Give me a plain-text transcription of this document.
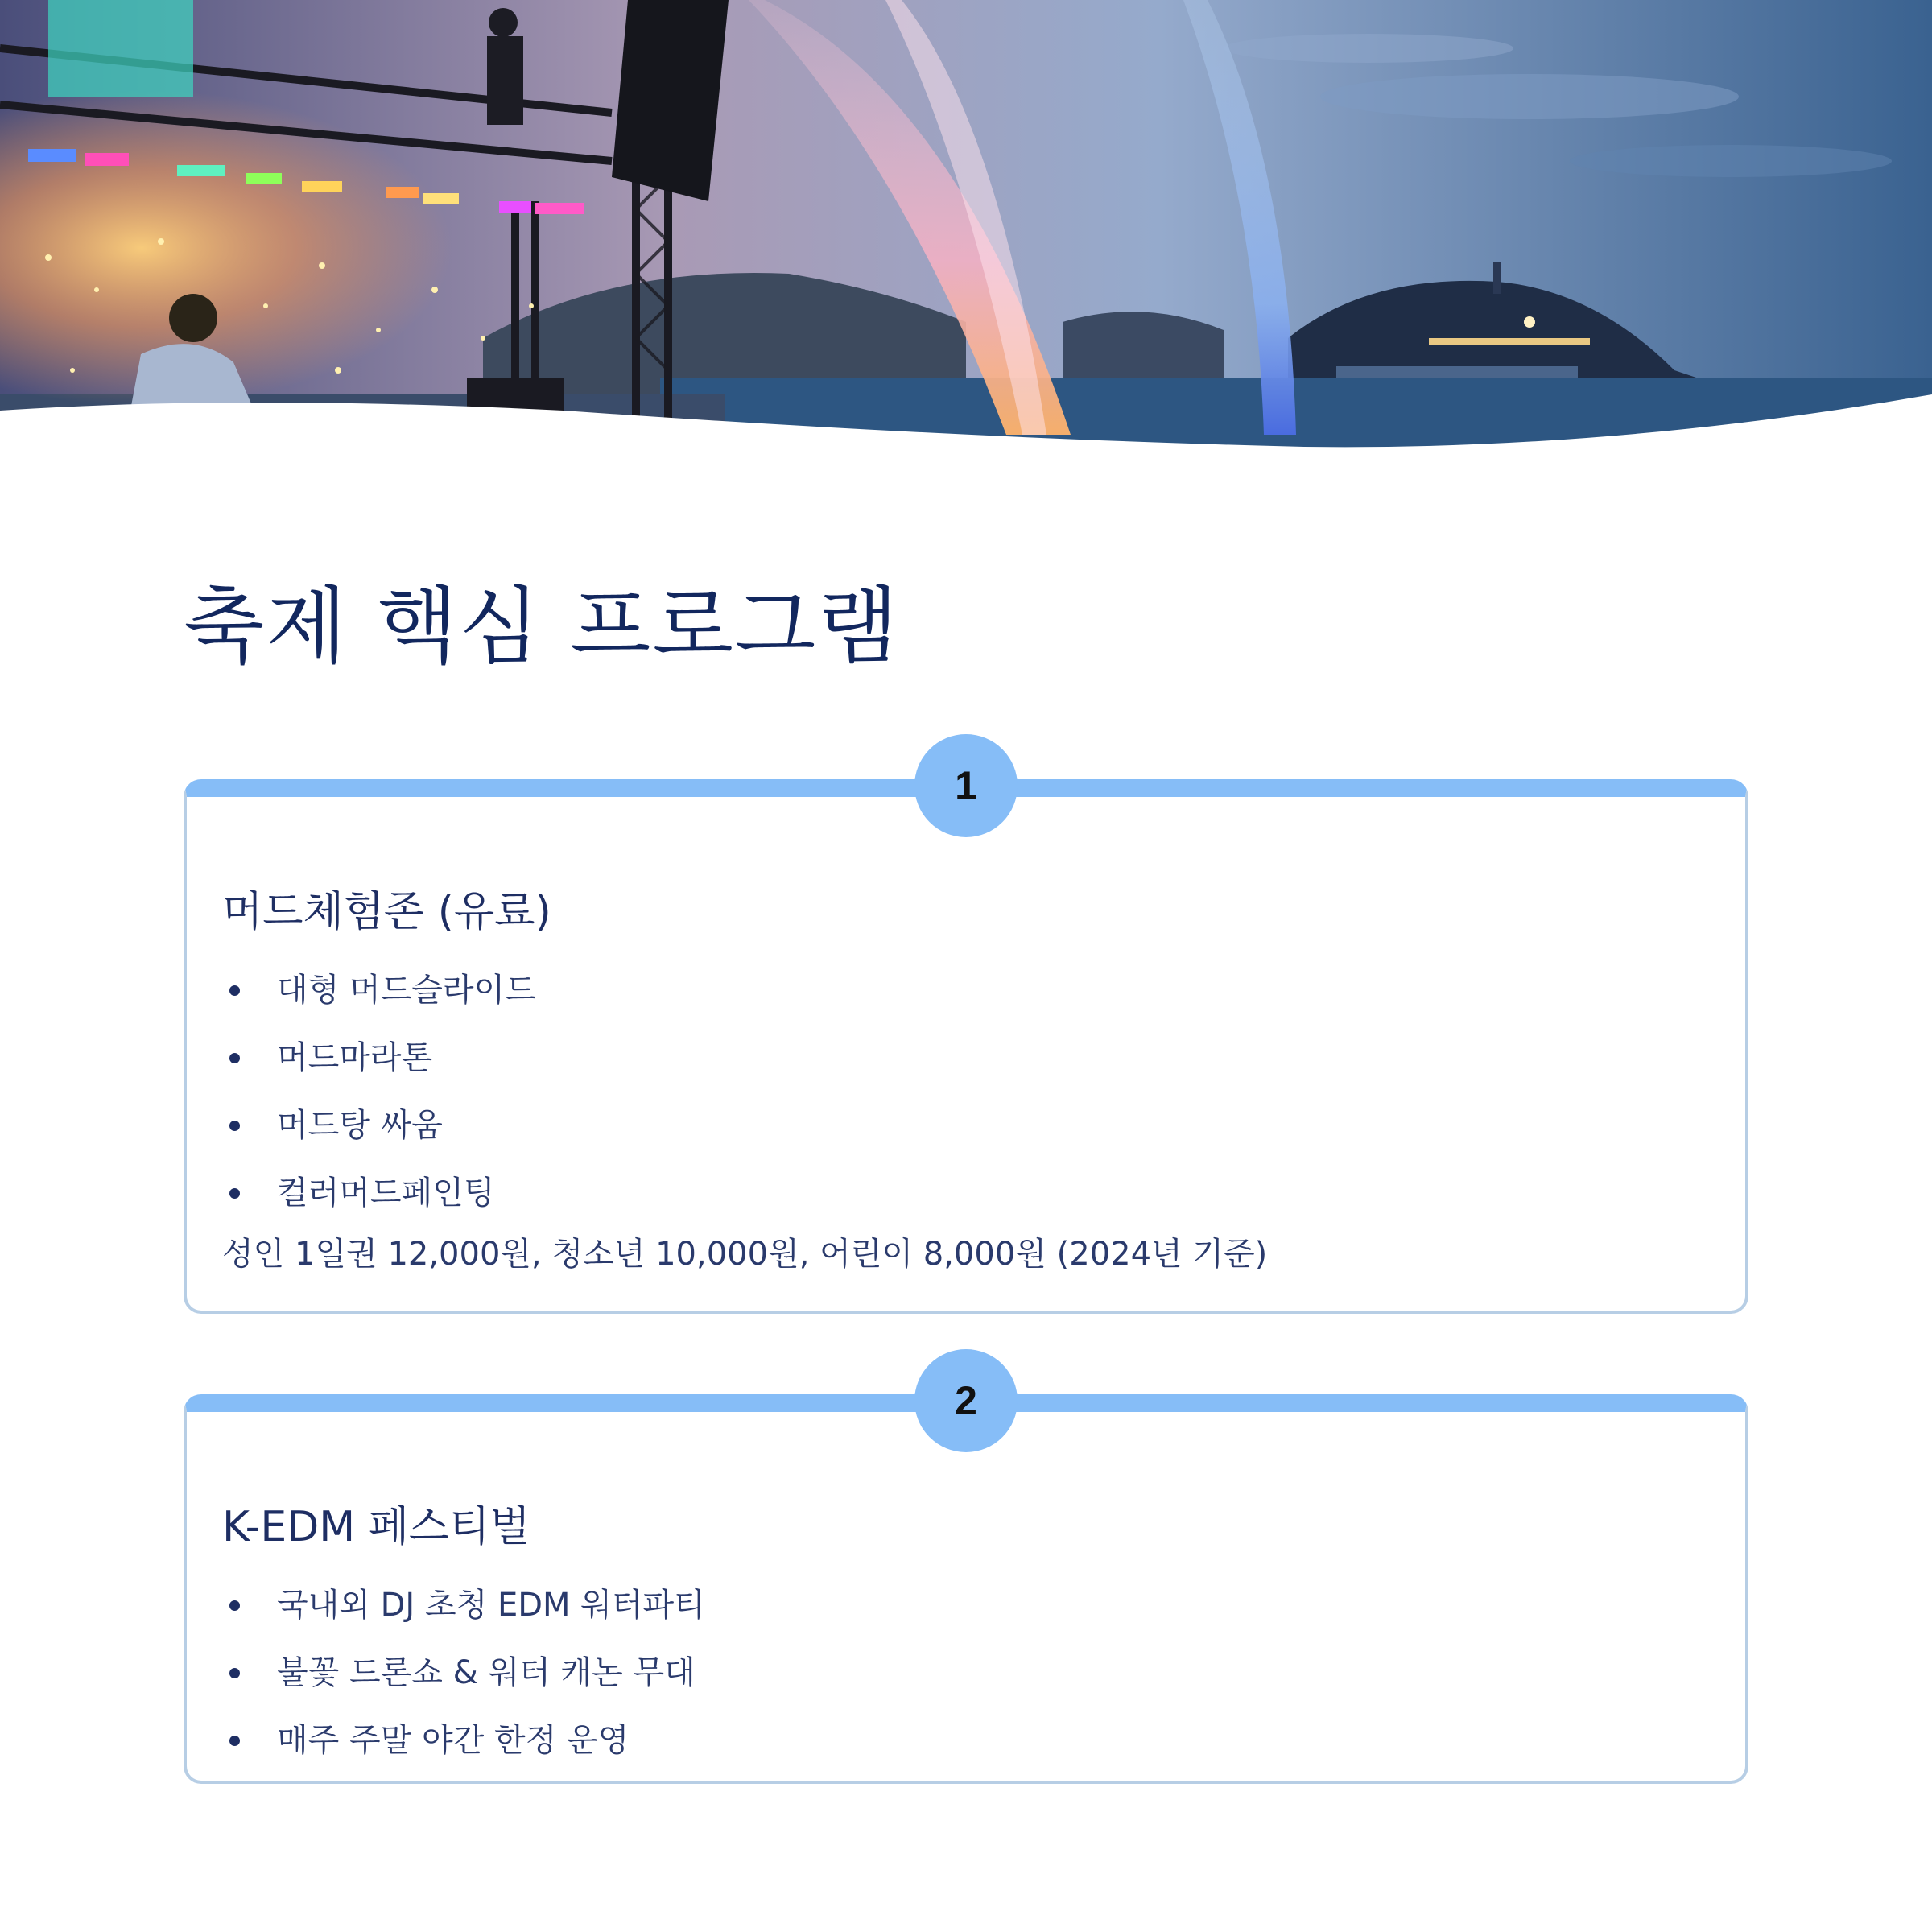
축제 핵심 프로그램
머드체험존 (유료)
대형 머드슬라이드
머드마라톤
머드탕 싸움
컬러머드페인팅

성인 1일권 12,000원, 청소년 10,000원, 어린이 8,000원 (2024년 기준)

1
K-EDM 페스티벌
국내외 DJ 초청 EDM 워터파티
불꽃 드론쇼 & 워터 캐논 무대
매주 주말 야간 한정 운영
2
